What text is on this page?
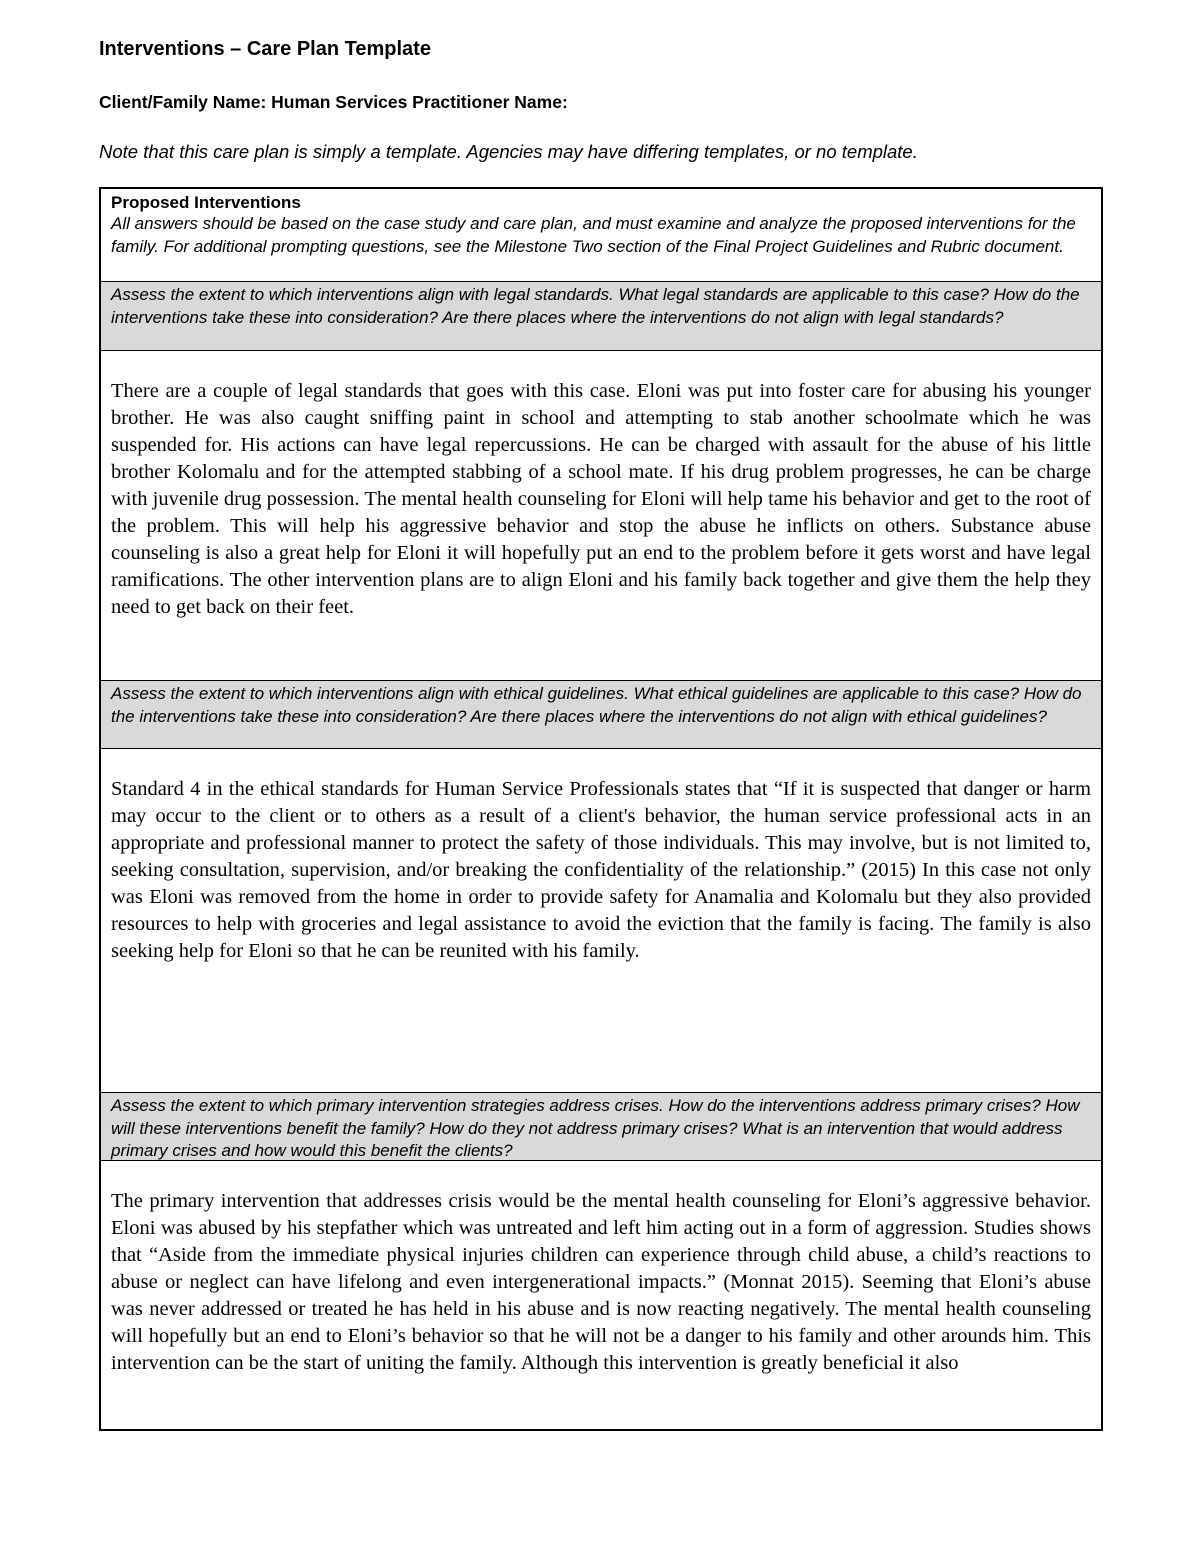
Interventions – Care Plan Template
Client/Family Name: Human Services Practitioner Name:
Note that this care plan is simply a template. Agencies may have differing templates, or no template.
Proposed Interventions
All answers should be based on the case study and care plan, and must examine and analyze the proposed interventions for the family. For additional prompting questions, see the Milestone Two section of the Final Project Guidelines and Rubric document.
Assess the extent to which interventions align with legal standards. What legal standards are applicable to this case? How do the interventions take these into consideration? Are there places where the interventions do not align with legal standards?
There are a couple of legal standards that goes with this case. Eloni was put into foster care for abusing his younger brother. He was also caught sniffing paint in school and attempting to stab another schoolmate which he was suspended for. His actions can have legal repercussions. He can be charged with assault for the abuse of his little brother Kolomalu and for the attempted stabbing of a school mate. If his drug problem progresses, he can be charge with juvenile drug possession. The mental health counseling for Eloni will help tame his behavior and get to the root of the problem. This will help his aggressive behavior and stop the abuse he inflicts on others. Substance abuse counseling is also a great help for Eloni it will hopefully put an end to the problem before it gets worst and have legal ramifications. The other intervention plans are to align Eloni and his family back together and give them the help they need to get back on their feet.
Assess the extent to which interventions align with ethical guidelines. What ethical guidelines are applicable to this case? How do the interventions take these into consideration? Are there places where the interventions do not align with ethical guidelines?
Standard 4 in the ethical standards for Human Service Professionals states that “If it is suspected that danger or harm may occur to the client or to others as a result of a client's behavior, the human service professional acts in an appropriate and professional manner to protect the safety of those individuals. This may involve, but is not limited to, seeking consultation, supervision, and/or breaking the confidentiality of the relationship.” (2015) In this case not only was Eloni was removed from the home in order to provide safety for Anamalia and Kolomalu but they also provided resources to help with groceries and legal assistance to avoid the eviction that the family is facing. The family is also seeking help for Eloni so that he can be reunited with his family.
Assess the extent to which primary intervention strategies address crises. How do the interventions address primary crises? How will these interventions benefit the family? How do they not address primary crises? What is an intervention that would address primary crises and how would this benefit the clients?
The primary intervention that addresses crisis would be the mental health counseling for Eloni’s aggressive behavior. Eloni was abused by his stepfather which was untreated and left him acting out in a form of aggression. Studies shows that “Aside from the immediate physical injuries children can experience through child abuse, a child’s reactions to abuse or neglect can have lifelong and even intergenerational impacts.” (Monnat 2015). Seeming that Eloni’s abuse was never addressed or treated he has held in his abuse and is now reacting negatively. The mental health counseling will hopefully but an end to Eloni’s behavior so that he will not be a danger to his family and other arounds him. This intervention can be the start of uniting the family. Although this intervention is greatly beneficial it also
